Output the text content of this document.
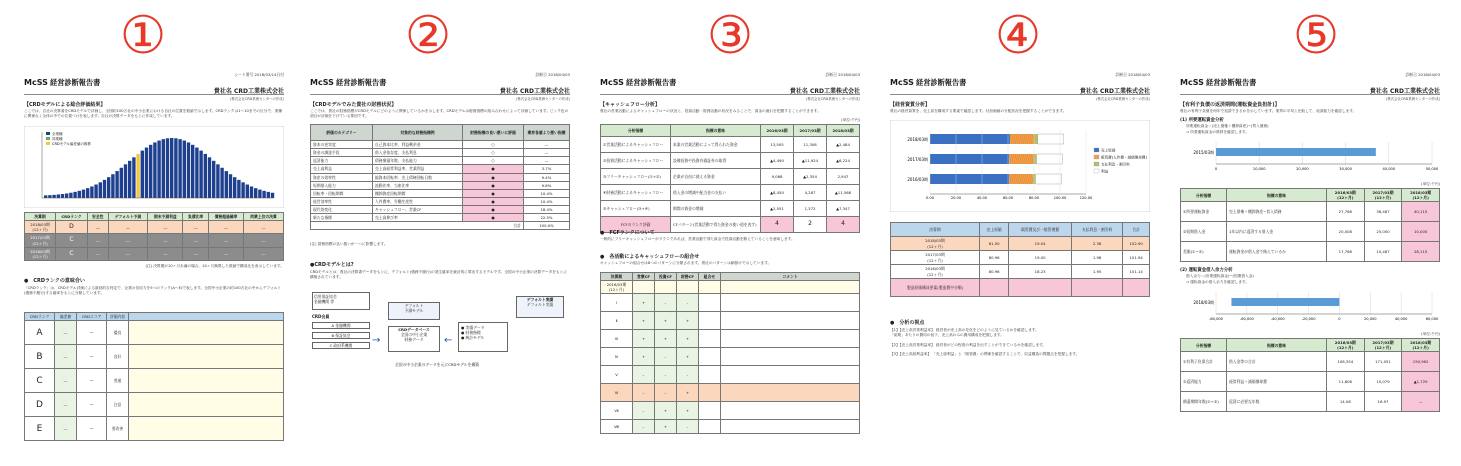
①	②	③	④	⑤
シート番号 2018/03/14日付
McSS 経営診断報告書
貴社名 CRD工業株式会社
(株式会社CRD業務センターの作成)
【CRDモデルによる総合評価結果】
ここでは、自社の決算書をCRDモデルで評価し、全国約100万社の中小企業における自社の位置を数値で示します。CRDランクは1～10までの区分で、業種に関係なく全体の中での位置づけを表します。自社の決算データをもとに作成しています。
全業種
同業種
CRDモデル偏差値の推移
決算期	CRDランク	安全性	デフォルト予測	期末予測利益	負債比率	債務超過確率	同業上位の決算
2018/03期
(12ヶ月)	D	―	―	―	―	―	―
2017/03期
(12ヶ月)	C	―	―	―	―	―	―
2016/03期
(12ヶ月)	C	―	―	―	―	―	―
(注) 決算期が10ヶ月未満の場合、10ヶ月換算した数値で構成比を表示しています。
●　CRDランクの意味合い
「CRDランク」は、CRDモデル評価による最終的な判定で、企業の信用力を5つのランク(A～E)で表します。全国中小企業の約100万社の中からデフォルト(債務不履行)する確率をもとに分類しています。
CRDランク	偏差値	CRDスコア	評価内容	
A	―	～	優良	
B	―	～	良好	
C	―	～	普通	
D	―	～	注意	
E	―	～	要改善	
診断日 2018/04/03
McSS 経営診断報告書
貴社名 CRD工業株式会社
(株式会社CRD業務センターの作成)
【CRDモデルでみた貴社の財務状況】
ここでは、貴社の財務指標がCRDモデルにどのように関係しているかを示します。CRDモデルは財務指標の組み合わせによって評価しています。ピンク色の項目が評価を下げている要因です。
評価のカテゴリー	対象的な財務指標例	財務指標の良い悪いに評価	業界各値より悪い指標
資本の充実度	自己資本比率、利益剰余金	○	—
資金の調達手段	借入金依存度、支払利息	○	—
返済能力	債務償還年数、支払能力	○	—
売上高利益	売上高経常利益率、営業利益	●	3.7%
資産の効率性	総資本回転率、売上債権回転日数	●	9.4%
短期借入能力	流動比率、当座比率	●	9.8%
回転率・回転期間	棚卸資産回転期間	●	10.4%
経営効率性	人件費率、労働生産性	●	10.4%
現代的変化	キャッシュフロー、営業CF	●	18.4%
新たな指標	売上高伸び率	●	22.5%
合計			100.0%
(注) 財務指標の良い悪いが一つに影響します。
●CRDモデルとは?
CRDモデルとは、貴社の決算書データをもとに、デフォルト(債務不履行)の発生確率を統計的に算出するモデルです。全国の中小企業の決算データをもとに構築されています。
信用保証協会
金融機関 等
CRD会員
A 金融機関
B 保証協会
C 政府系機関	→
デフォルト
予測モデル
CRDデータベース
全国の中小企業
財務データ	←
● 実績データ
● 財務指標
● 統計モデル
デフォルト実績
デフォルト実績
全国の中小企業のデータを元にCRDモデルを構築
診断日 2018/04/03
McSS 経営診断報告書
貴社名 CRD工業株式会社
(株式会社CRD業務センターの作成)
【キャッシュフロー分析】
貴社の営業活動によるキャッシュフローの状況と、投資活動・財務活動の状況をみることで、資金の流れを把握することができます。
(単位:千円)
分析指標	指標の意味	2016/03期	2017/03期	2018/03期
①営業活動によるキャッシュフロー	本業の営業活動によって得られた資金	13,505	11,308	▲2,484
②投資活動によるキャッシュフロー	設備投資や投資有価証券の取得	▲4,490	▲11,924	▲6,224
③フリーキャッシュフロー(①+②)	企業が自由に使える資金	9,068	▲2,354	2,947
④財務活動によるキャッシュフロー	借入金の増減や配当金の支払い	▲8,450	4,287	▲11,568
⑤キャッシュフロー(③+④)	期間の資金の増減	▲2,551	1,372	▲7,347
FCFのランク評価	CFパターン(営業活動で得た資金の使い道を表す)	4	2	4
●　FCFランクについて
一般的にフリーキャッシュフローがプラスであれば、営業活動で得た資金で投資活動を賄えていることを意味します。
●　各活動によるキャッシュフローの組合せ
キャッシュフローの組合せは8つのパターンに分類されます。貴社のパターンは網掛けで示しています。
決算期	営業CF	投資CF	財務CF	組合せ	コメント
2016/03期
(12ヶ月)					
Ⅰ	+	–	–		
Ⅱ	+	+	+		
Ⅲ	+	+	+		
Ⅳ	+	–	+		
Ⅴ	–	–	–		
Ⅵ	–	–	+		
Ⅶ	–	+	+		
Ⅷ	–	+	–		
診断日 2018/04/03
McSS 経営診断報告書
貴社名 CRD工業株式会社
(株式会社CRD業務センターの作成)
【経営資質分析】
貴社の経営資質を、売上高を構成する要素で確認します。付加価値の分配状況を把握することができます。
2018/03期
2017/03期
2016/03期
0.00	20.00	40.00	60.00	80.00	100.00	120.00
売上原価
販管費(人件費・減価償却費)
支払利息・割引料
利益
決算期	売上原価	販管費及び一般管理費	支払利息・割引料	合計
2018/03期
(12ヶ月)	61.50	19.04	2.36	102.90
2017/03期
(12ヶ月)	80.96	19.00	1.98	101.94
2016/03期
(12ヶ月)	80.96	18.23	1.95	101.14
製造原価構成要素(製造費中分類)				
●　分析の視点
【1】【売上高営業利益率】 経営者が売上高の変化をどのように見ているかを確認します。
「前期」あたりの費用の低下、売上高のみの費用構成を把握します。
【2】【売上高営業利益率】 経営者がどの程度の利益を出すことができているかを確認します。
【3】【売上高総利益率】 「売上総利益」と「販管費」の関係を確認することで、収益構造の問題点を把握します。
診断日 2018/04/03
McSS 経営診断報告書
貴社名 CRD工業株式会社
(株式会社CRD業務センターの作成)
【有利子負債の返済期間(運転資金負担計)】
貴社の有利子負債を何年で返済できるかを示しています。業界の平均と比較して、返済能力を確認します。
(1) 所要運転資金分析
所要運転資金＝(売上債権＋棚卸資産)−(買入債務)
⇒ 所要運転資金の推移を確認します。
2015/03期
0	10,000	20,000	30,000	40,000	50,000
(単位:千円)
分析指標	指標の意味	2016/03期
(12ヶ月)	2017/03期
(12ヶ月)	2018/03期
(12ヶ月)
①所要運転資金	売上債権＋棚卸資産−買入債務	27,768	36,487	40,115
②短期借入金	1年以内に返済する借入金	20,008	25,000	10,000
差額(①−②)	運転資金が借入金で賄えているか	17,768	10,487	28,115
(2) 運転資金借入余力分析
借入余力＝(所要運転資金)−(短期借入金)
⇒ 運転資金の借入余力を確認します。
2018/03期
-80,000	-60,000	-40,000	-20,000	0	20,000	40,000	60,000
(単位:千円)
分析指標	指標の意味	2016/03期
(12ヶ月)	2017/03期
(12ヶ月)	2018/03期
(12ヶ月)
①有利子負債合計	借入金等の合計	106,354	171,051	150,962
②返済能力	経常利益＋減価償却費	11,806	10,079	▲1,729
償還期間年数(①÷②)	返済に必要な年数	14.08	16.97	—
